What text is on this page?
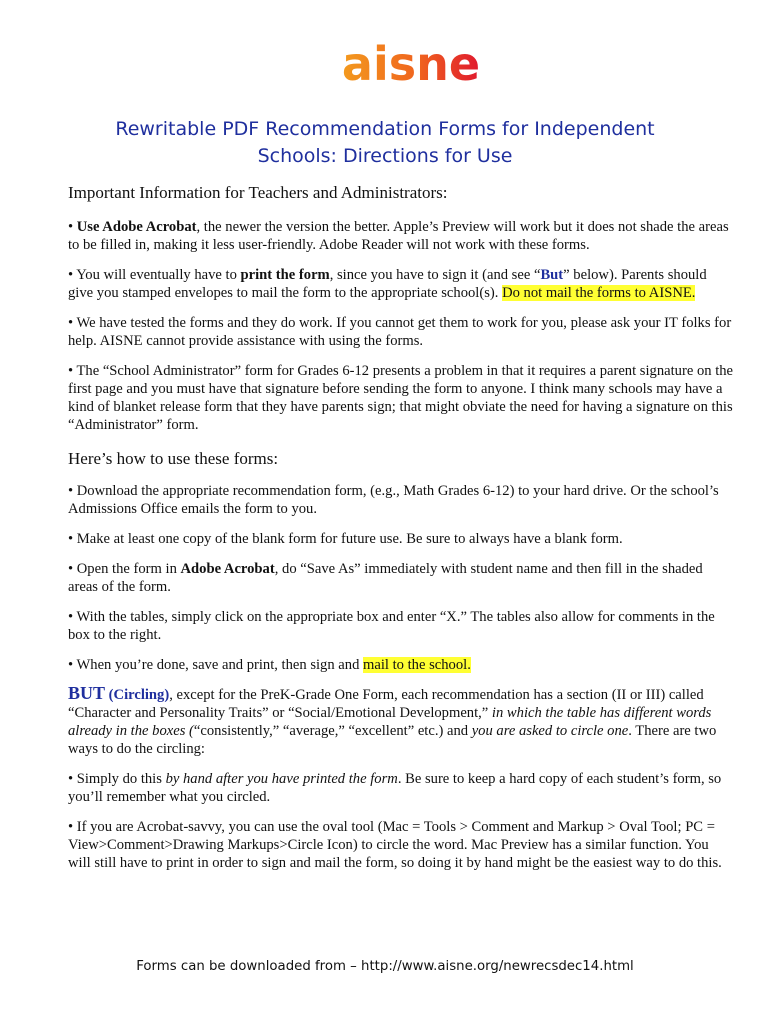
aisne
Rewritable PDF Recommendation Forms for Independent
Schools: Directions for Use

Important Information for Teachers and Administrators:

• Use Adobe Acrobat, the newer the version the better. Apple’s Preview will work but it does not shade the areas to be filled in, making it less user-friendly. Adobe Reader will not work with these forms.

• You will eventually have to print the form, since you have to sign it (and see “But” below). Parents should give you stamped envelopes to mail the form to the appropriate school(s). Do not mail the forms to AISNE.

• We have tested the forms and they do work. If you cannot get them to work for you, please ask your IT folks for help. AISNE cannot provide assistance with using the forms.

• The “School Administrator” form for Grades 6-12 presents a problem in that it requires a parent signature on the first page and you must have that signature before sending the form to anyone. I think many schools may have a kind of blanket release form that they have parents sign; that might obviate the need for having a signature on this “Administrator” form.

Here’s how to use these forms:

• Download the appropriate recommendation form, (e.g., Math Grades 6-12) to your hard drive. Or the school’s Admissions Office emails the form to you.

• Make at least one copy of the blank form for future use. Be sure to always have a blank form.

• Open the form in Adobe Acrobat, do “Save As” immediately with student name and then fill in the shaded areas of the form.

• With the tables, simply click on the appropriate box and enter “X.” The tables also allow for comments in the box to the right.

• When you’re done, save and print, then sign and mail to the school.

BUT (Circling), except for the PreK-Grade One Form, each recommendation has a section (II or III) called “Character and Personality Traits” or “Social/Emotional Development,” in which the table has different words already in the boxes (“consistently,” “average,” “excellent” etc.) and you are asked to circle one. There are two ways to do the circling:

• Simply do this by hand after you have printed the form. Be sure to keep a hard copy of each student’s form, so you’ll remember what you circled.

• If you are Acrobat-savvy, you can use the oval tool (Mac = Tools > Comment and Markup > Oval Tool; PC = View>Comment>Drawing Markups>Circle Icon) to circle the word. Mac Preview has a similar function. You will still have to print in order to sign and mail the form, so doing it by hand might be the easiest way to do this.

Forms can be downloaded from – http://www.aisne.org/newrecsdec14.html
